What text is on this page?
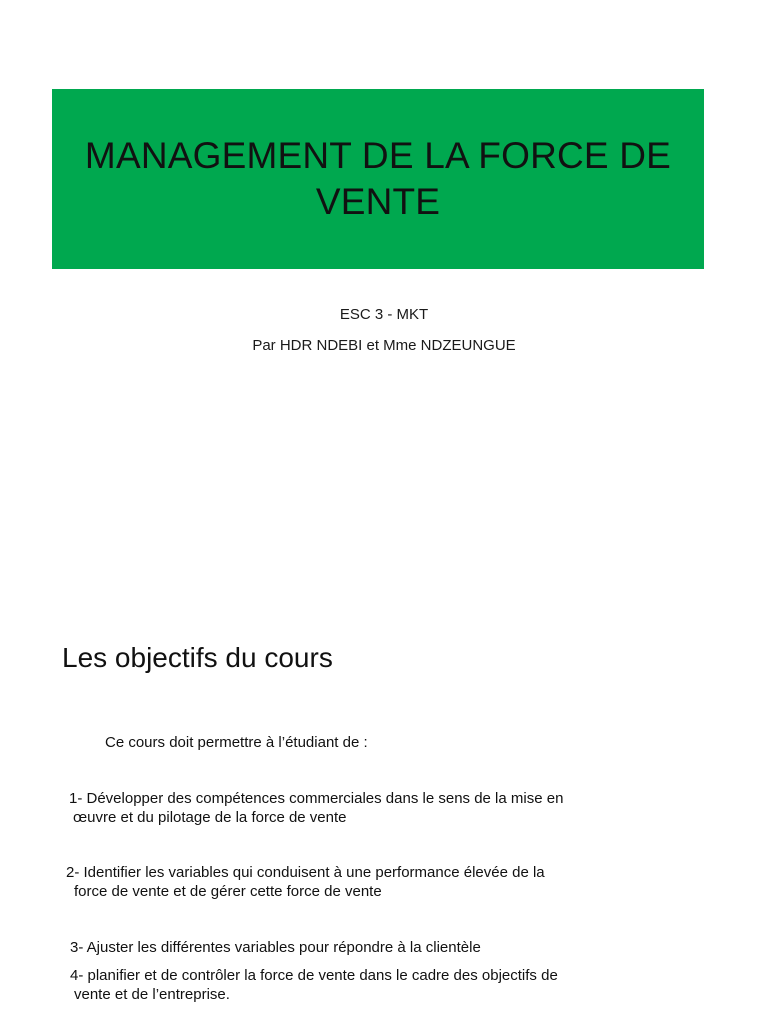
MANAGEMENT DE LA FORCE DE VENTE
ESC 3 - MKT
Par HDR NDEBI et Mme NDZEUNGUE
Les objectifs du cours
Ce cours doit permettre à l’étudiant de :
1- Développer des compétences commerciales dans le sens de la mise en
œuvre et du pilotage de la force de vente
2- Identifier les variables qui conduisent à une performance élevée de la
force de vente et de gérer cette force de vente
3- Ajuster les différentes variables pour répondre à la clientèle
4- planifier et de contrôler la force de vente dans le cadre des objectifs de
vente et de l’entreprise.
